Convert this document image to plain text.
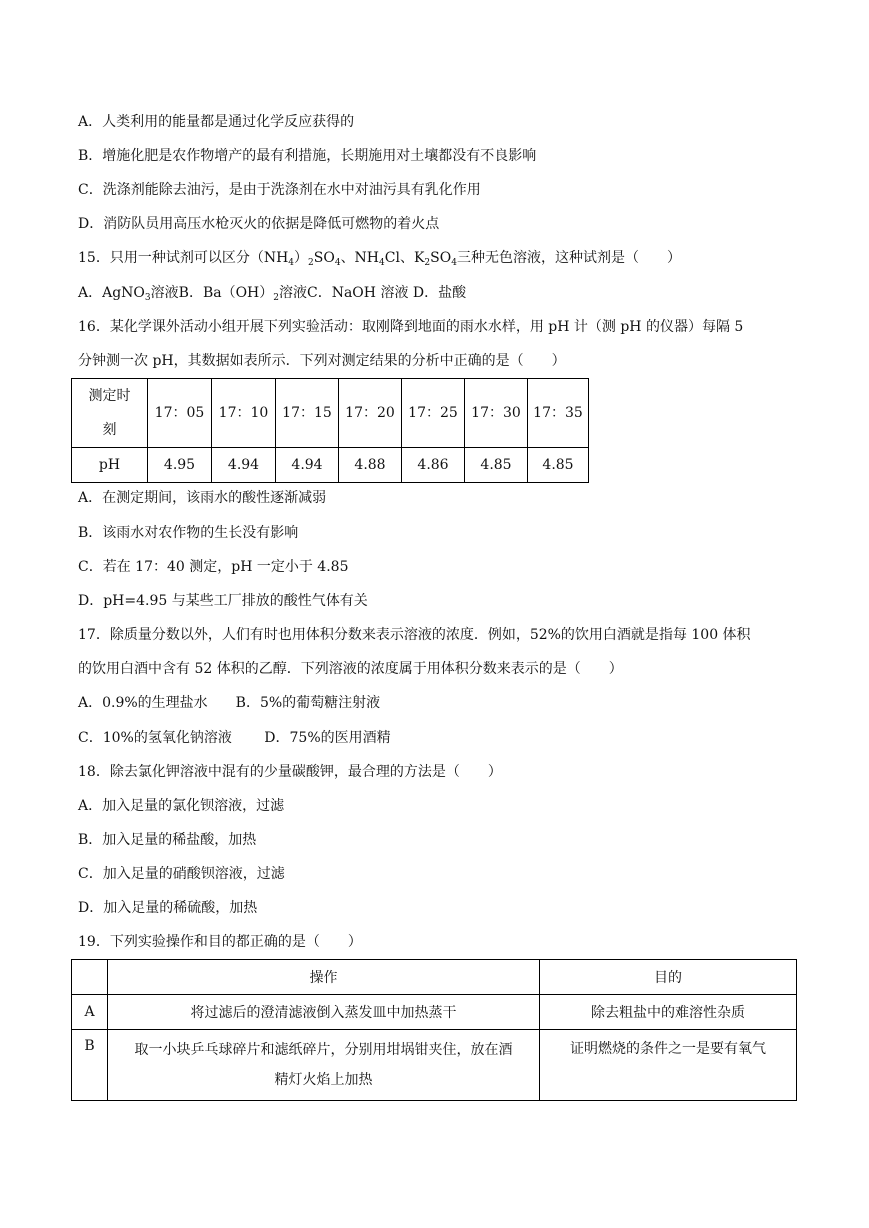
A．人类利用的能量都是通过化学反应获得的
B．增施化肥是农作物增产的最有利措施，长期施用对土壤都没有不良影响
C．洗涤剂能除去油污，是由于洗涤剂在水中对油污具有乳化作用
D．消防队员用高压水枪灭火的依据是降低可燃物的着火点
15．只用一种试剂可以区分$(NH_4)_2SO_4$、$NH_4Cl$、$K_2SO_4$三种无色溶液，这种试剂是（　　）
A．AgNO$_3$溶液B．$Ba(OH)_2$溶液C．NaOH 溶液 D．盐酸
16．某化学课外活动小组开展下列实验活动：取刚降到地面的雨水水样，用 pH 计（测 pH 的仪器）每隔 5
分钟测一次 pH，其数据如表所示．下列对测定结果的分析中正确的是（　　）
测定时
刻	17：05	17：10	17：15	17：20	17：25	17：30	17：35
pH	4.95	4.94	4.94	4.88	4.86	4.85	4.85
A．在测定期间，该雨水的酸性逐渐减弱
B．该雨水对农作物的生长没有影响
C．若在 17：40 测定，pH 一定小于 4.85
D．pH=4.95 与某些工厂排放的酸性气体有关
17．除质量分数以外，人们有时也用体积分数来表示溶液的浓度．例如，52%的饮用白酒就是指每 100 体积
的饮用白酒中含有 52 体积的乙醇．下列溶液的浓度属于用体积分数来表示的是（　　）
A．0.9%的生理盐水　　B．5%的葡萄糖注射液
C．10%的氢氧化钠溶液　　 D．75%的医用酒精
18．除去氯化钾溶液中混有的少量碳酸钾，最合理的方法是（　　）
A．加入足量的氯化钡溶液，过滤
B．加入足量的稀盐酸，加热
C．加入足量的硝酸钡溶液，过滤
D．加入足量的稀硫酸，加热
19．下列实验操作和目的都正确的是（　　）
	操作	目的
A	将过滤后的澄清滤液倒入蒸发皿中加热蒸干	除去粗盐中的难溶性杂质
B	取一小块乒乓球碎片和滤纸碎片，分别用坩埚钳夹住，放在酒
精灯火焰上加热	证明燃烧的条件之一是要有氧气
